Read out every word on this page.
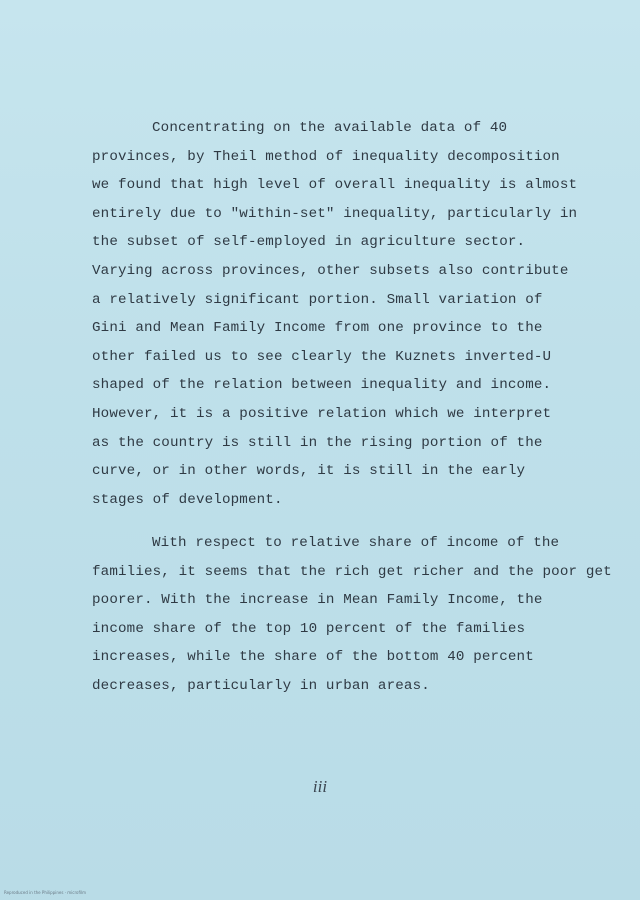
Concentrating on the available data of 40
provinces, by Theil method of inequality decomposition
we found that high level of overall inequality is almost
entirely due to "within-set" inequality, particularly in
the subset of self-employed in agriculture sector.
Varying across provinces, other subsets also contribute
a relatively significant portion. Small variation of
Gini and Mean Family Income from one province to the
other failed us to see clearly the Kuznets inverted-U
shaped of the relation between inequality and income.
However, it is a positive relation which we interpret
as the country is still in the rising portion of the
curve, or in other words, it is still in the early
stages of development.
With respect to relative share of income of the
families, it seems that the rich get richer and the poor get
poorer. With the increase in Mean Family Income, the
income share of the top 10 percent of the families
increases, while the share of the bottom 40 percent
decreases, particularly in urban areas.
iii
Reproduced in the Philippines · microfilm
